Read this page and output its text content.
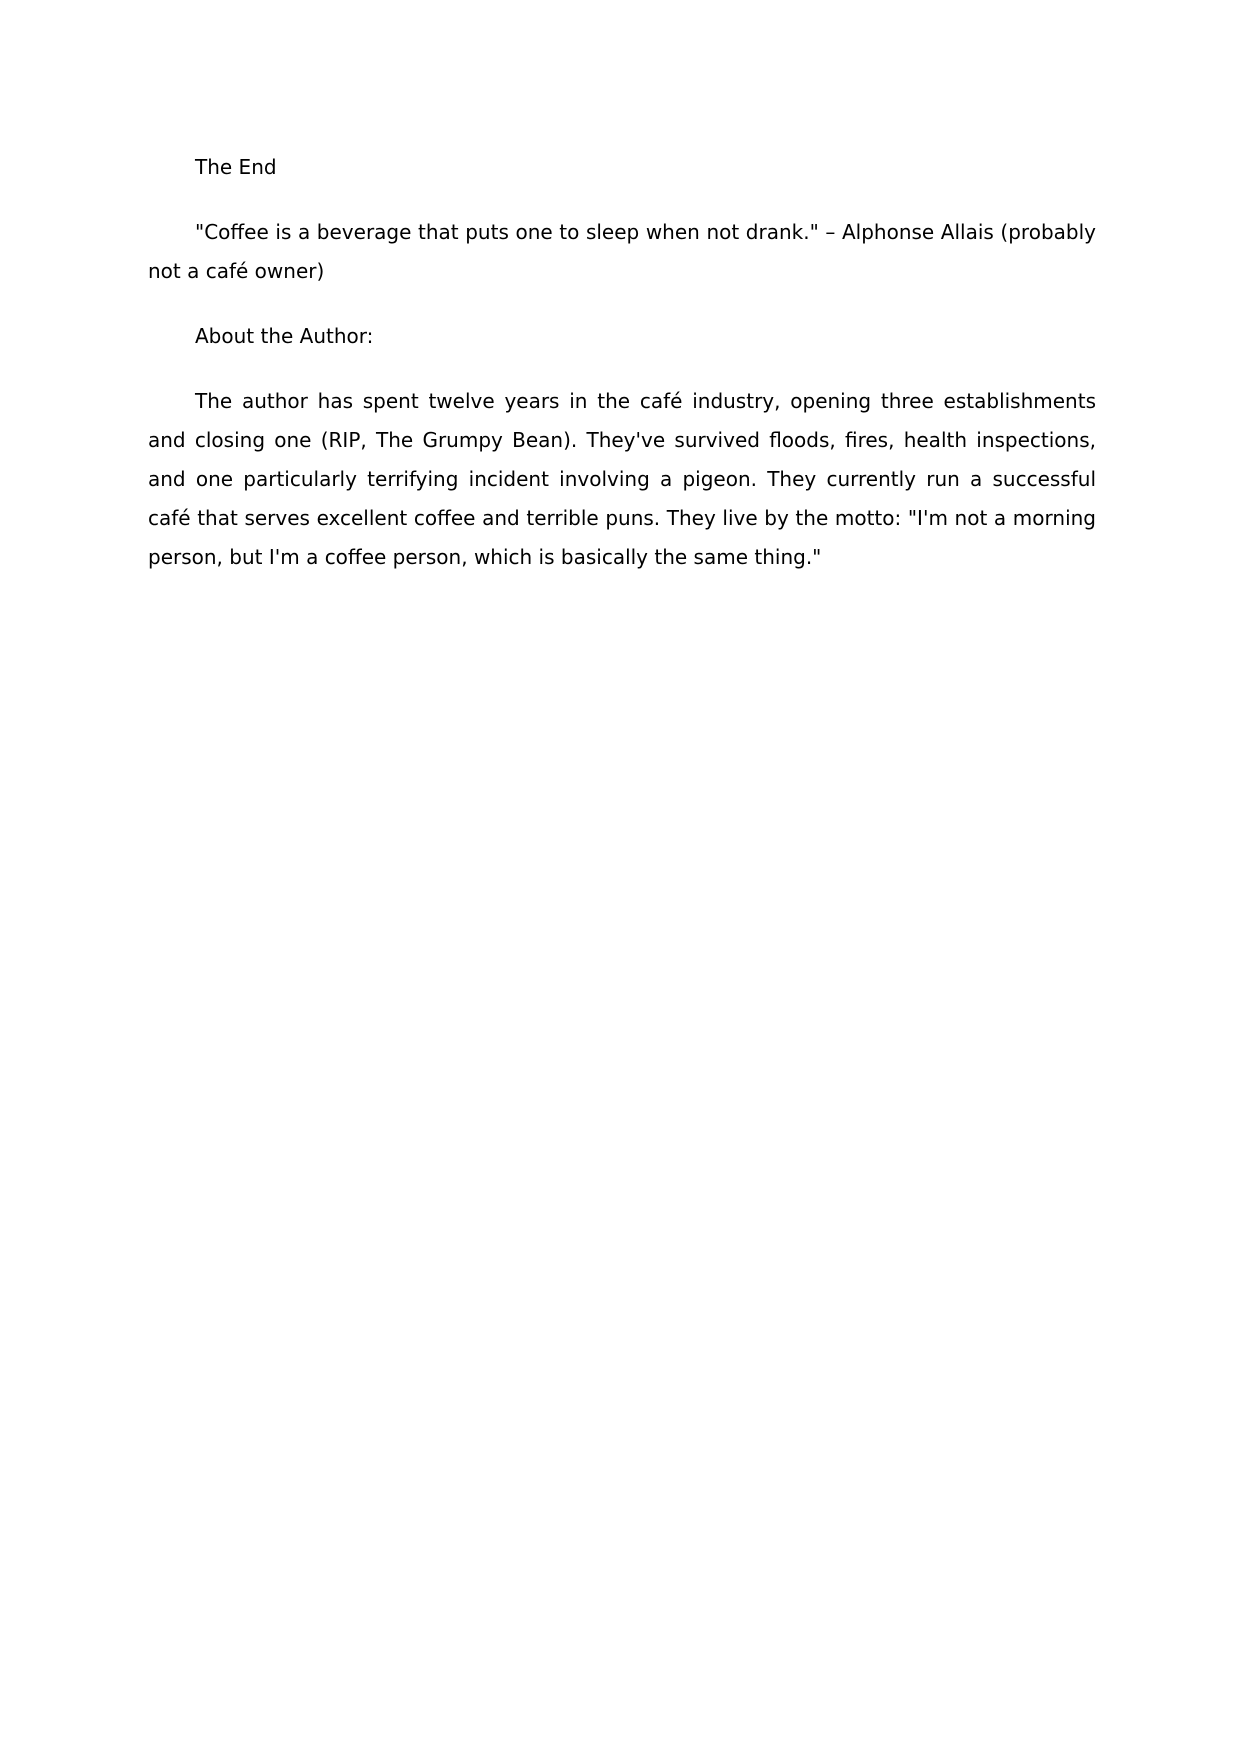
The End

"Coffee is a beverage that puts one to sleep when not drank." – Alphonse Allais (probably not a café owner)

About the Author:

The author has spent twelve years in the café industry, opening three establishments and closing one (RIP, The Grumpy Bean). They've survived floods, fires, health inspections, and one particularly terrifying incident involving a pigeon. They currently run a successful café that serves excellent coffee and terrible puns. They live by the motto: "I'm not a morning person, but I'm a coffee person, which is basically the same thing."
